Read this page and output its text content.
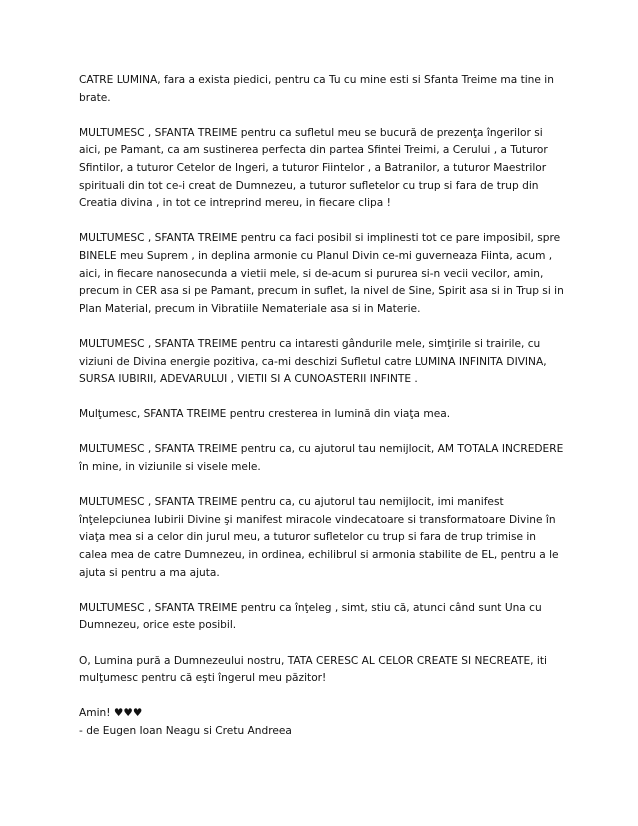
CATRE LUMINA, fara a exista piedici, pentru ca Tu cu mine esti si Sfanta Treime ma tine in brate.

MULTUMESC , SFANTA TREIME pentru ca sufletul meu se bucură de prezenţa îngerilor si aici, pe Pamant, ca am sustinerea perfecta din partea Sfintei Treimi, a Cerului , a Tuturor Sfintilor, a tuturor Cetelor de Ingeri, a tuturor Fiintelor , a Batranilor, a tuturor Maestrilor spirituali din tot ce-i creat de Dumnezeu, a tuturor sufletelor cu trup si fara de trup din Creatia divina , in tot ce intreprind mereu, in fiecare clipa !

MULTUMESC , SFANTA TREIME pentru ca faci posibil si implinesti tot ce pare imposibil, spre BINELE meu Suprem , in deplina armonie cu Planul Divin ce-mi guverneaza Fiinta, acum , aici, in fiecare nanosecunda a vietii mele, si de-acum si pururea si-n vecii vecilor, amin, precum in CER asa si pe Pamant, precum in suflet, la nivel de Sine, Spirit asa si in Trup si in Plan Material, precum in Vibratiile Nemateriale asa si in Materie.

MULTUMESC , SFANTA TREIME pentru ca intaresti gândurile mele, simţirile si trairile, cu viziuni de Divina energie pozitiva, ca-mi deschizi Sufletul catre LUMINA INFINITA DIVINA, SURSA IUBIRII, ADEVARULUI , VIETII SI A CUNOASTERII INFINTE .

Mulţumesc, SFANTA TREIME pentru cresterea in lumină din viaţa mea.

MULTUMESC , SFANTA TREIME pentru ca, cu ajutorul tau nemijlocit, AM TOTALA INCREDERE în mine, in viziunile si visele mele.

MULTUMESC , SFANTA TREIME pentru ca, cu ajutorul tau nemijlocit, imi manifest înţelepciunea Iubirii Divine şi manifest miracole vindecatoare si transformatoare Divine în viaţa mea si a celor din jurul meu, a tuturor sufletelor cu trup si fara de trup trimise in calea mea de catre Dumnezeu, in ordinea, echilibrul si armonia stabilite de EL, pentru a le ajuta si pentru a ma ajuta.

MULTUMESC , SFANTA TREIME pentru ca înţeleg , simt, stiu că, atunci când sunt Una cu Dumnezeu, orice este posibil.

O, Lumina pură a Dumnezeului nostru, TATA CERESC AL CELOR CREATE SI NECREATE, iti mulţumesc pentru că eşti îngerul meu păzitor!

Amin! ♥♥♥
- de Eugen Ioan Neagu si Cretu Andreea
